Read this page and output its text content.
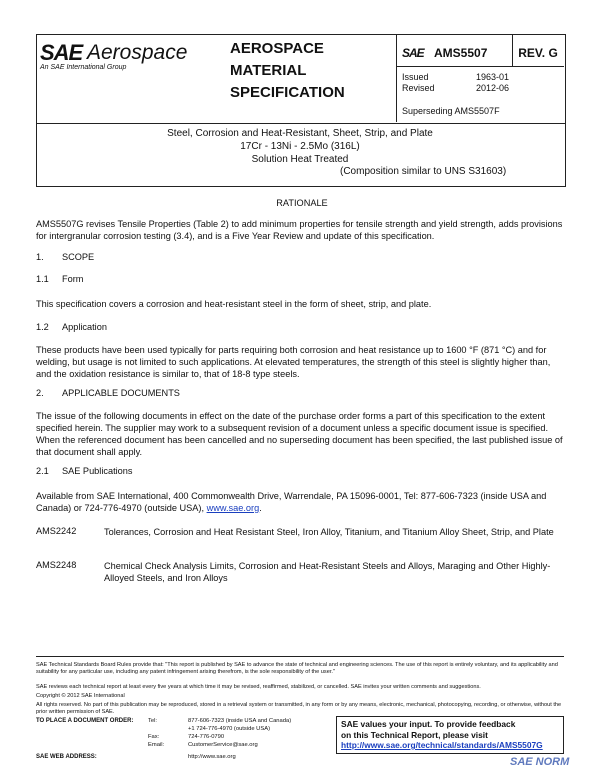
SAE Aerospace
An SAE International Group
AEROSPACE
MATERIAL
SPECIFICATION
SAE AMS5507	REV. G
Issued	1963-01
Revised	2012-06
Superseding AMS5507F
Steel, Corrosion and Heat-Resistant, Sheet, Strip, and Plate
17Cr - 13Ni - 2.5Mo (316L)
Solution Heat Treated
(Composition similar to UNS S31603)
RATIONALE
AMS5507G revises Tensile Properties (Table 2) to add minimum properties for tensile strength and yield strength, adds provisions for intergranular corrosion testing (3.4), and is a Five Year Review and update of this specification.
1. SCOPE
1.1 Form
This specification covers a corrosion and heat-resistant steel in the form of sheet, strip, and plate.
1.2 Application
These products have been used typically for parts requiring both corrosion and heat resistance up to 1600 °F (871 °C) and for welding, but usage is not limited to such applications. At elevated temperatures, the strength of this steel is slightly higher than, and the oxidation resistance is similar to, that of 18-8 type steels.
2. APPLICABLE DOCUMENTS
The issue of the following documents in effect on the date of the purchase order forms a part of this specification to the extent specified herein. The supplier may work to a subsequent revision of a document unless a specific document issue is specified. When the referenced document has been cancelled and no superseding document has been specified, the last published issue of that document shall apply.
2.1 SAE Publications
Available from SAE International, 400 Commonwealth Drive, Warrendale, PA 15096-0001, Tel: 877-606-7323 (inside USA and Canada) or 724-776-4970 (outside USA), www.sae.org.
AMS2242	Tolerances, Corrosion and Heat Resistant Steel, Iron Alloy, Titanium, and Titanium Alloy Sheet, Strip, and Plate
AMS2248	Chemical Check Analysis Limits, Corrosion and Heat-Resistant Steels and Alloys, Maraging and Other Highly-Alloyed Steels, and Iron Alloys
SAE Technical Standards Board Rules provide that: "This report is published by SAE to advance the state of technical and engineering sciences. The use of this report is entirely voluntary, and its applicability and suitability for any particular use, including any patent infringement arising therefrom, is the sole responsibility of the user."
SAE reviews each technical report at least every five years at which time it may be revised, reaffirmed, stabilized, or cancelled. SAE invites your written comments and suggestions.
Copyright © 2012 SAE International
All rights reserved. No part of this publication may be reproduced, stored in a retrieval system or transmitted, in any form or by any means, electronic, mechanical, photocopying, recording, or otherwise, without the prior written permission of SAE.
TO PLACE A DOCUMENT ORDER:	Tel:	877-606-7323 (inside USA and Canada)
+1 724-776-4970 (outside USA)
Fax:	724-776-0790
Email:	CustomerService@sae.org
SAE WEB ADDRESS:	http://www.sae.org
SAE values your input. To provide feedback
on this Technical Report, please visit
http://www.sae.org/technical/standards/AMS5507G
SAE NORM
